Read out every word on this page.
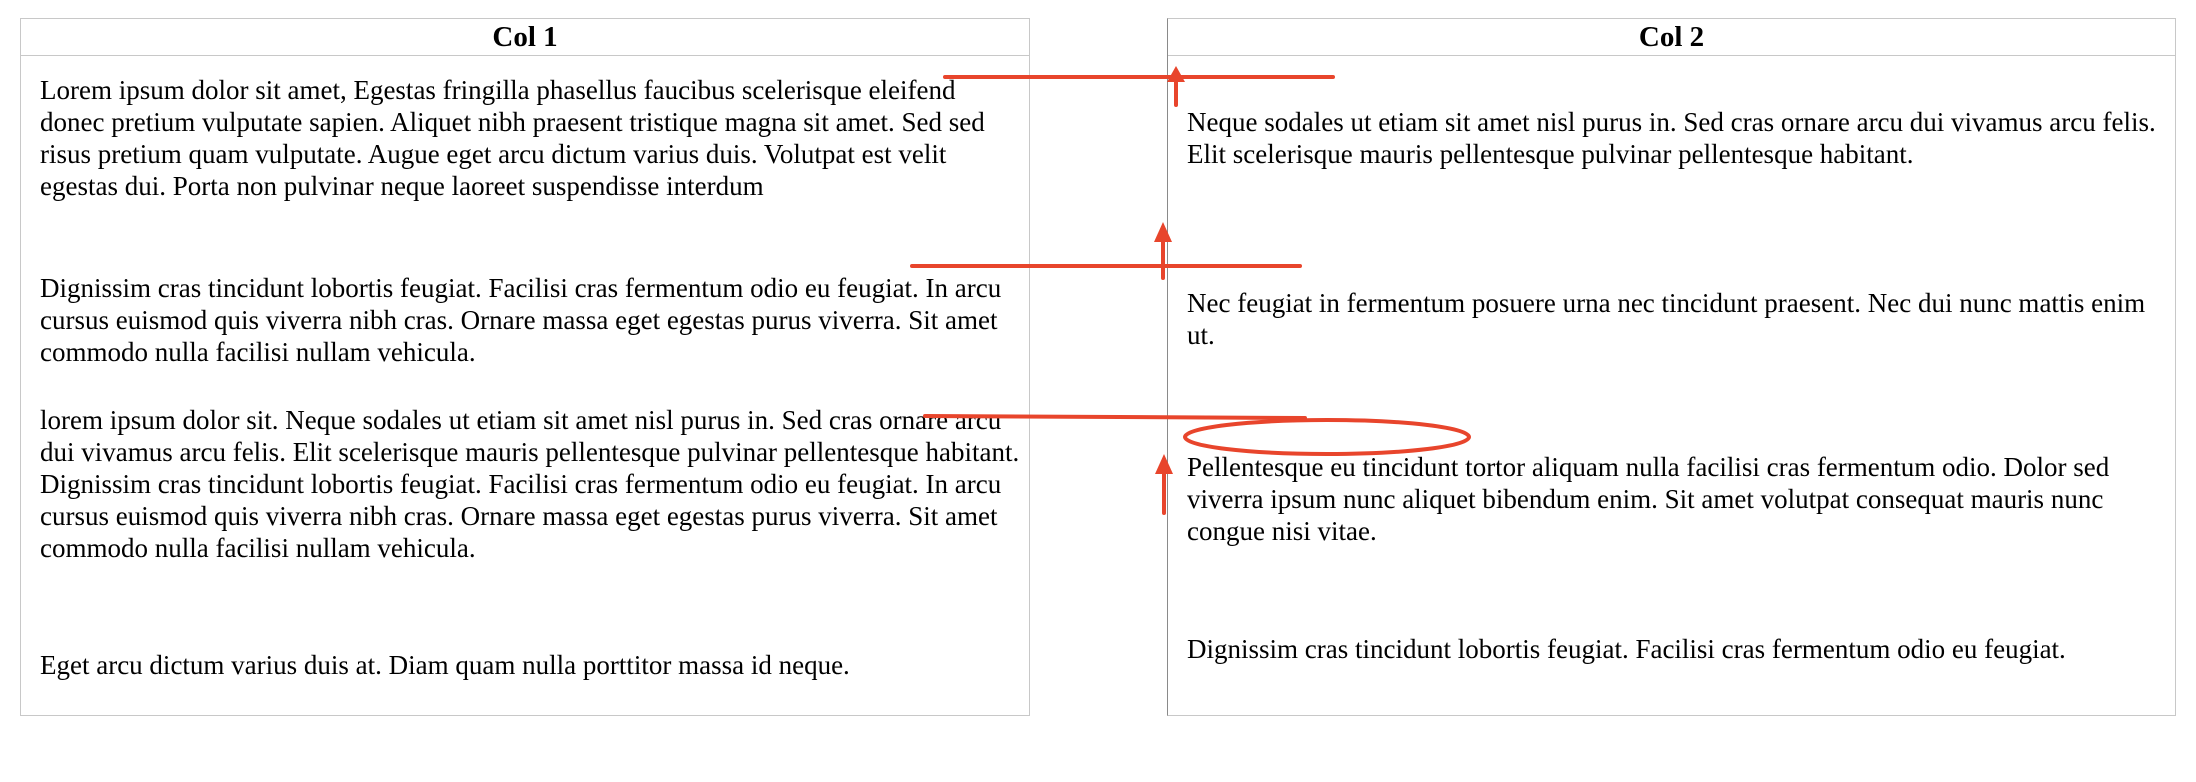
Col 1

Lorem ipsum dolor sit amet, Egestas fringilla phasellus faucibus scelerisque eleifend donec pretium vulputate sapien. Aliquet nibh praesent tristique magna sit amet. Sed sed risus pretium quam vulputate. Augue eget arcu dictum varius duis. Volutpat est velit egestas dui. Porta non pulvinar neque laoreet suspendisse interdum

Dignissim cras tincidunt lobortis feugiat. Facilisi cras fermentum odio eu feugiat. In arcu cursus euismod quis viverra nibh cras. Ornare massa eget egestas purus viverra. Sit amet commodo nulla facilisi nullam vehicula.

lorem ipsum dolor sit. Neque sodales ut etiam sit amet nisl purus in. Sed cras ornare arcu dui vivamus arcu felis. Elit scelerisque mauris pellentesque pulvinar pellentesque habitant. Dignissim cras tincidunt lobortis feugiat. Facilisi cras fermentum odio eu feugiat. In arcu cursus euismod quis viverra nibh cras. Ornare massa eget egestas purus viverra. Sit amet commodo nulla facilisi nullam vehicula.

Eget arcu dictum varius duis at. Diam quam nulla porttitor massa id neque.

Col 2

Neque sodales ut etiam sit amet nisl purus in. Sed cras ornare arcu dui vivamus arcu felis. Elit scelerisque mauris pellentesque pulvinar pellentesque habitant.

Nec feugiat in fermentum posuere urna nec tincidunt praesent. Nec dui nunc mattis enim ut.

Pellentesque eu tincidunt tortor aliquam nulla facilisi cras fermentum odio. Dolor sed viverra ipsum nunc aliquet bibendum enim. Sit amet volutpat consequat mauris nunc congue nisi vitae.

Dignissim cras tincidunt lobortis feugiat. Facilisi cras fermentum odio eu feugiat.
